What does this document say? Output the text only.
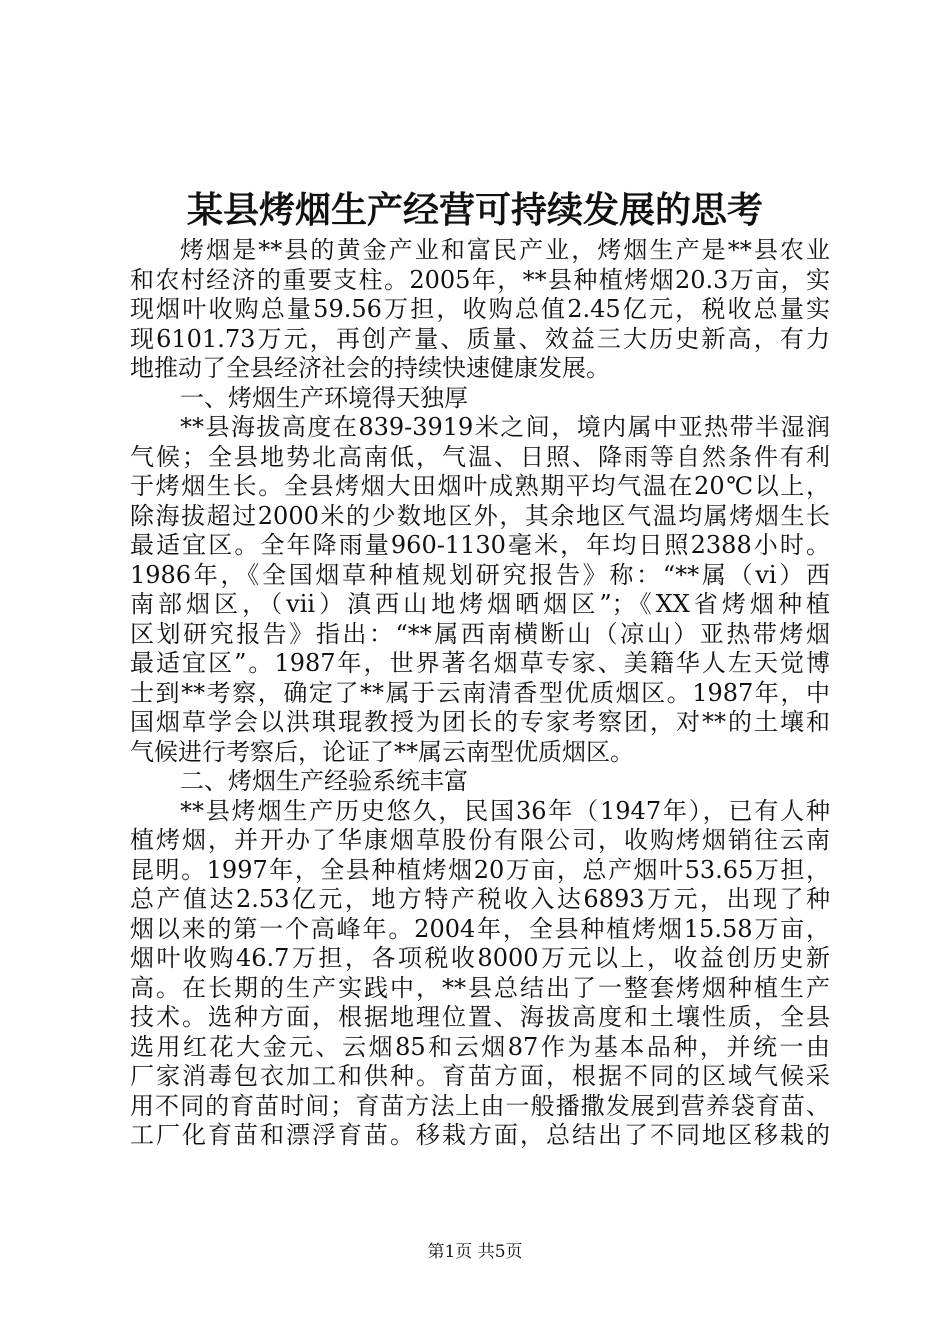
某县烤烟生产经营可持续发展的思考
烤烟是**县的黄金产业和富民产业，烤烟生产是**县农业
和农村经济的重要支柱。2005年，**县种植烤烟20.3万亩，实
现烟叶收购总量59.56万担，收购总值2.45亿元，税收总量实
现6101.73万元，再创产量、质量、效益三大历史新高，有力
地推动了全县经济社会的持续快速健康发展。
一、烤烟生产环境得天独厚
**县海拔高度在839-3919米之间，境内属中亚热带半湿润
气候；全县地势北高南低，气温、日照、降雨等自然条件有利
于烤烟生长。全县烤烟大田烟叶成熟期平均气温在20℃以上，
除海拔超过2000米的少数地区外，其余地区气温均属烤烟生长
最适宜区。全年降雨量960-1130毫米，年均日照2388小时。
1986年，《全国烟草种植规划研究报告》称：“**属（vi）西
南部烟区，（vii）滇西山地烤烟晒烟区”；《XX省烤烟种植
区划研究报告》指出：“**属西南横断山（凉山）亚热带烤烟
最适宜区”。1987年，世界著名烟草专家、美籍华人左天觉博
士到**考察，确定了**属于云南清香型优质烟区。1987年，中
国烟草学会以洪琪琨教授为团长的专家考察团，对**的土壤和
气候进行考察后，论证了**属云南型优质烟区。
二、烤烟生产经验系统丰富
**县烤烟生产历史悠久，民国36年（1947年），已有人种
植烤烟，并开办了华康烟草股份有限公司，收购烤烟销往云南
昆明。1997年，全县种植烤烟20万亩，总产烟叶53.65万担，
总产值达2.53亿元，地方特产税收入达6893万元，出现了种
烟以来的第一个高峰年。2004年，全县种植烤烟15.58万亩，
烟叶收购46.7万担，各项税收8000万元以上，收益创历史新
高。在长期的生产实践中，**县总结出了一整套烤烟种植生产
技术。选种方面，根据地理位置、海拔高度和土壤性质，全县
选用红花大金元、云烟85和云烟87作为基本品种，并统一由
厂家消毒包衣加工和供种。育苗方面，根据不同的区域气候采
用不同的育苗时间；育苗方法上由一般播撒发展到营养袋育苗、
工厂化育苗和漂浮育苗。移栽方面，总结出了不同地区移栽的
第1页 共5页
